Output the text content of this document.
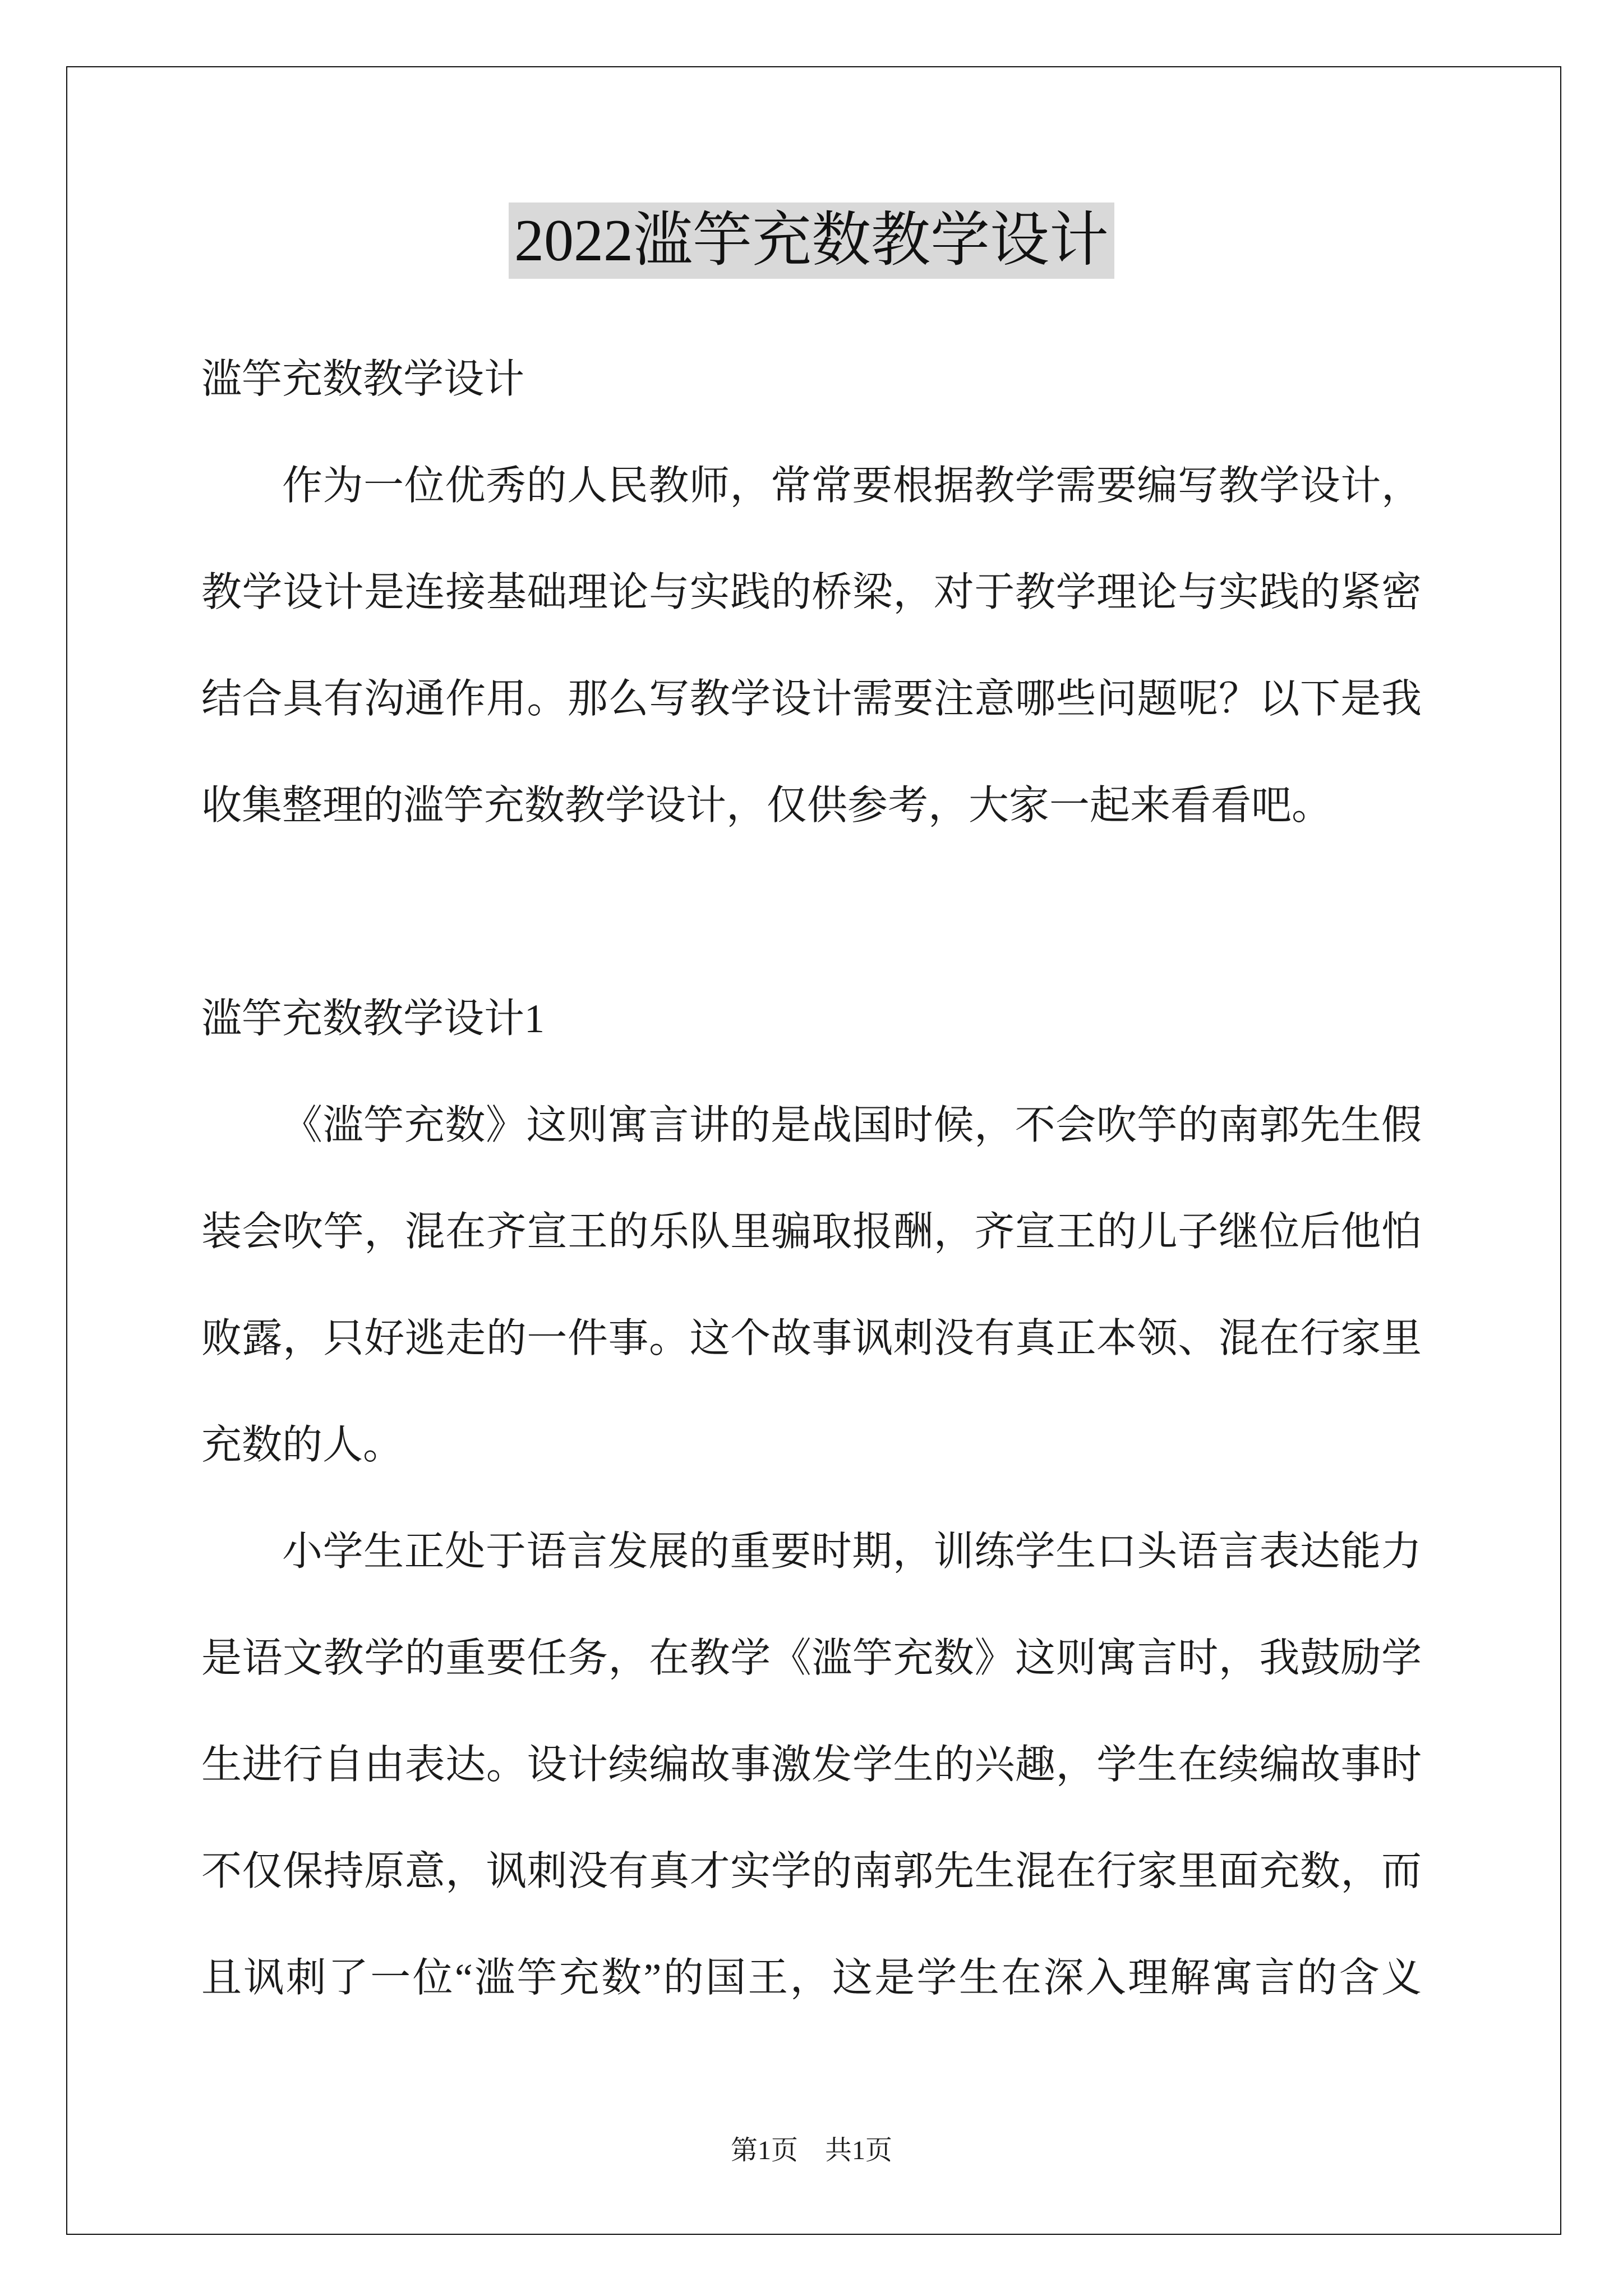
2022滥竽充数教学设计
滥竽充数教学设计
作为一位优秀的人民教师，常常要根据教学需要编写教学设计，
教学设计是连接基础理论与实践的桥梁，对于教学理论与实践的紧密
结合具有沟通作用。那么写教学设计需要注意哪些问题呢？以下是我
收集整理的滥竽充数教学设计，仅供参考，大家一起来看看吧。
滥竽充数教学设计1
《滥竽充数》这则寓言讲的是战国时候，不会吹竽的南郭先生假
装会吹竽，混在齐宣王的乐队里骗取报酬，齐宣王的儿子继位后他怕
败露，只好逃走的一件事。这个故事讽刺没有真正本领、混在行家里
充数的人。
小学生正处于语言发展的重要时期，训练学生口头语言表达能力
是语文教学的重要任务，在教学《滥竽充数》这则寓言时，我鼓励学
生进行自由表达。设计续编故事激发学生的兴趣，学生在续编故事时
不仅保持原意，讽刺没有真才实学的南郭先生混在行家里面充数，而
且讽刺了一位“滥竽充数”的国王，这是学生在深入理解寓言的含义
第1页 共1页
